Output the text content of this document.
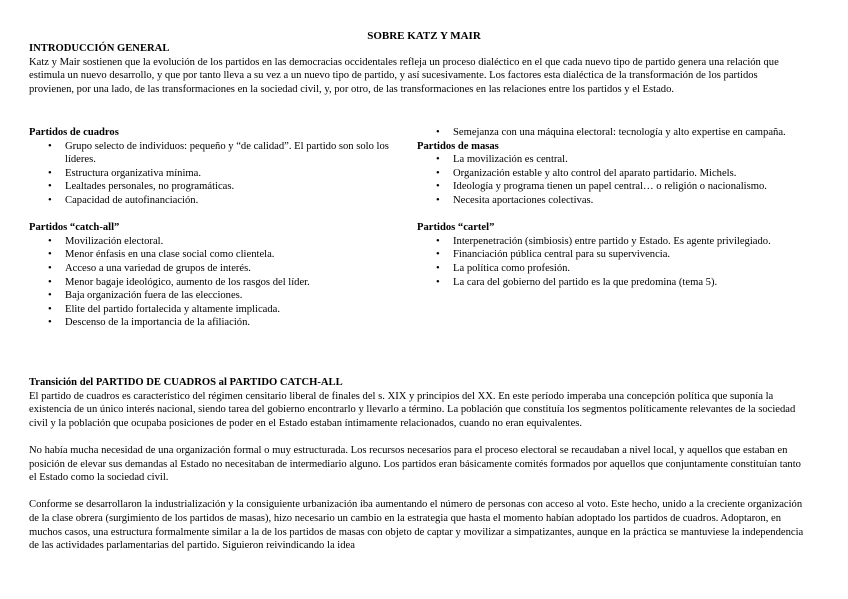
SOBRE KATZ Y MAIR
INTRODUCCIÓN GENERAL

Katz y Mair sostienen que la evolución de los partidos en las democracias occidentales refleja un proceso dialéctico en el que cada nuevo tipo de partido genera una relación que estimula un nuevo desarrollo, y que por tanto lleva a su vez a un nuevo tipo de partido, y así sucesivamente. Los factores esta dialéctica de la transformación de los partidos provienen, por una lado, de las transformaciones en la sociedad civil, y, por otro, de las transformaciones en las relaciones entre los partidos y el Estado.

Partidos de cuadros
• Grupo selecto de individuos: pequeño y “de calidad”. El partido son solo los líderes.
• Estructura organizativa mínima.
• Lealtades personales, no programáticas.
• Capacidad de autofinanciación.
Partidos “catch-all”
• Movilización electoral.
• Menor énfasis en una clase social como clientela.
• Acceso a una variedad de grupos de interés.
• Menor bagaje ideológico, aumento de los rasgos del líder.
• Baja organización fuera de las elecciones.
• Elite del partido fortalecida y altamente implicada.
• Descenso de la importancia de la afiliación.
• Semejanza con una máquina electoral: tecnología y alto expertise en campaña.
Partidos de masas
• La movilización es central.
• Organización estable y alto control del aparato partidario. Michels.
• Ideología y programa tienen un papel central… o religión o nacionalismo.
• Necesita aportaciones colectivas.
Partidos “cartel”
• Interpenetración (simbiosis) entre partido y Estado. Es agente privilegiado.
• Financiación pública central para su supervivencia.
• La política como profesión.
• La cara del gobierno del partido es la que predomina (tema 5).
Transición del PARTIDO DE CUADROS al PARTIDO CATCH-ALL

El partido de cuadros es característico del régimen censitario liberal de finales del s. XIX y principios del XX. En este período imperaba una concepción política que suponía la existencia de un único interés nacional, siendo tarea del gobierno encontrarlo y llevarlo a término. La población que constituía los segmentos políticamente relevantes de la sociedad civil y la población que ocupaba posiciones de poder en el Estado estaban íntimamente relacionados, cuando no eran equivalentes.

No había mucha necesidad de una organización formal o muy estructurada. Los recursos necesarios para el proceso electoral se recaudaban a nivel local, y aquellos que estaban en posición de elevar sus demandas al Estado no necesitaban de intermediario alguno. Los partidos eran básicamente comités formados por aquellos que conjuntamente constituían tanto el Estado como la sociedad civil.

Conforme se desarrollaron la industrialización y la consiguiente urbanización iba aumentando el número de personas con acceso al voto. Este hecho, unido a la creciente organización de la clase obrera (surgimiento de los partidos de masas), hizo necesario un cambio en la estrategia que hasta el momento habían adoptado los partidos de cuadros. Adoptaron, en muchos casos, una estructura formalmente similar a la de los partidos de masas con objeto de captar y movilizar a simpatizantes, aunque en la práctica se mantuviese la independencia de las actividades parlamentarias del partido. Siguieron reivindicando la idea
